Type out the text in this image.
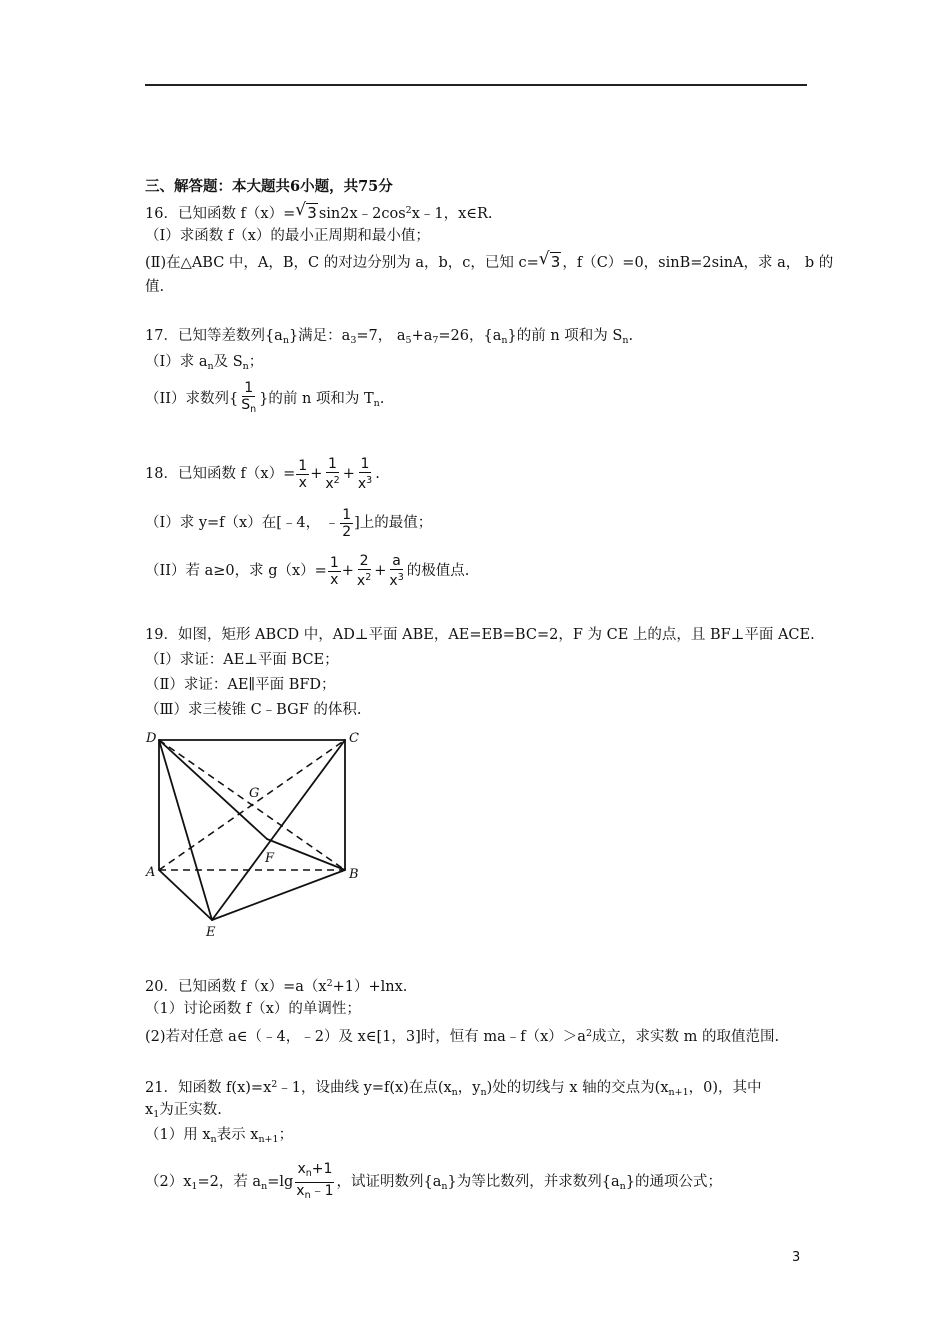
三、解答题：本大题共6小题，共75分
16．已知函数 f（x）= √ 3 $\sin 2x﹣2\cos^2x﹣1$，x∈R.
（Ⅰ）求函数 f（x）的最小正周期和最小值；
(Ⅱ)在△ABC 中，A，B，C 的对边分别为 a，b，c，已知 c= √ 3 ，f（C）=0，sinB=2sinA，求 a， b 的
值.
17．已知等差数列$\{a_n\}$满足：$a_3=7$， $a_5+a_7=26$，$\{a_n\}$的前 n 项和为 $S_n$.
（I）求 $a_n$及 $S_n$；
（II）求数列{ $\frac{1}{S_n}$ }的前 n 项和为 $T_n$.
18．已知函数 $f(x)= \frac{1}{x} + \frac{1}{x^2} + \frac{1}{x^3}$ .
（I）求 y=f（x）在[﹣4， ﹣ $\frac{1}{2}$ ]上的最值；
（II）若 a≥0，求 $g(x)= \frac{1}{x} + \frac{2}{x^2} + \frac{a}{x^3}$ 的极值点.
19．如图，矩形 ABCD 中，AD⊥平面 ABE，AE=EB=BC=2，F 为 CE 上的点，且 BF⊥平面 ACE.
（Ⅰ）求证：AE⊥平面 BCE；
（Ⅱ）求证：AE∥平面 BFD；
（Ⅲ）求三棱锥 C﹣BGF 的体积.
D	C
A	B
E
F
G
20．已知函数 $f(x)=a(x^2+1)+\ln x$.
（1）讨论函数 f（x）的单调性；
(2)若对任意 a∈（﹣4，﹣2）及 x∈[1，3]时，恒有 $ma﹣f(x)>a^2$成立，求实数 m 的取值范围.
21．知函数 $f(x)=x^2﹣1$，设曲线 y=f(x)在点($x_n$，$y_n$)处的切线与 x 轴的交点为($x_{n+1}$，0)，其中
$x_1$为正实数.
（1）用 $x_n$表示 $x_{n+1}$；
$(2)x_1=2$，若 $a_n=\lg \frac{x_n+1}{x_n﹣1}$ ，试证明数列$\{a_n\}$为等比数列，并求数列$\{a_n\}$的通项公式；
3
